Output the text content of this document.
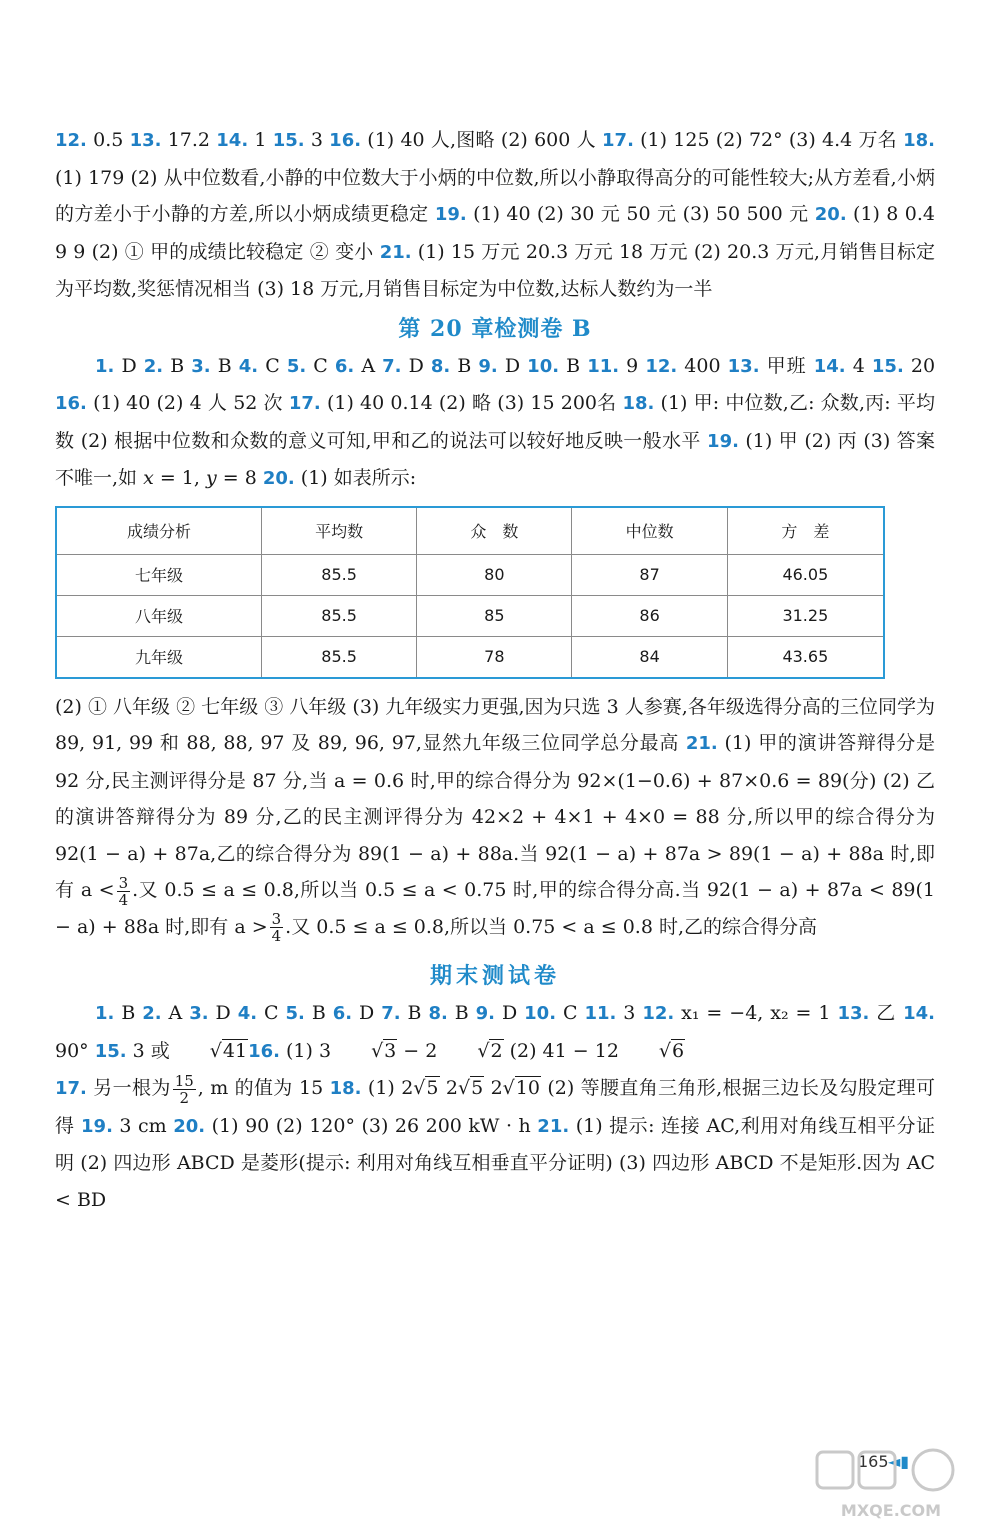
12. 0.5 13. 17.2 14. 1 15. 3 16. (1) 40 人,图略 (2) 600 人 17. (1) 125 (2) 72° (3) 4.4 万名 18. (1) 179 (2) 从中位数看,小静的中位数大于小炳的中位数,所以小静取得高分的可能性较大;从方差看,小炳的方差小于小静的方差,所以小炳成绩更稳定 19. (1) 40 (2) 30 元 50 元 (3) 50 500 元 20. (1) 8 0.4 9 9 (2) ① 甲的成绩比较稳定 ② 变小 21. (1) 15 万元 20.3 万元 18 万元 (2) 20.3 万元,月销售目标定为平均数,奖惩情况相当 (3) 18 万元,月销售目标定为中位数,达标人数约为一半

第 20 章检测卷 B

1. D 2. B 3. B 4. C 5. C 6. A 7. D 8. B 9. D 10. B 11. 9 12. 400 13. 甲班 14. 4 15. 20 16. (1) 40 (2) 4 人 52 次 17. (1) 40 0.14 (2) 略 (3) 15 200名 18. (1) 甲: 中位数,乙: 众数,丙: 平均数 (2) 根据中位数和众数的意义可知,甲和乙的说法可以较好地反映一般水平 19. (1) 甲 (2) 丙 (3) 答案不唯一,如 x = 1, y = 8 20. (1) 如表所示:

成绩分析	平均数	众　数	中位数	方　差
七年级	85.5	80	87	46.05
八年级	85.5	85	86	31.25
九年级	85.5	78	84	43.65

(2) ① 八年级 ② 七年级 ③ 八年级 (3) 九年级实力更强,因为只选 3 人参赛,各年级选得分高的三位同学为 89, 91, 99 和 88, 88, 97 及 89, 96, 97,显然九年级三位同学总分最高 21. (1) 甲的演讲答辩得分是 92 分,民主测评得分是 87 分,当 a = 0.6 时,甲的综合得分为 92×(1−0.6) + 87×0.6 = 89(分) (2) 乙的演讲答辩得分为 89 分,乙的民主测评得分为 42×2 + 4×1 + 4×0 = 88 分,所以甲的综合得分为 92(1 − a) + 87a,乙的综合得分为 89(1 − a) + 88a.当 92(1 − a) + 87a > 89(1 − a) + 88a 时,即有 $a < \frac{3}{4}$ .又 0.5 ≤ a ≤ 0.8,所以当 0.5 ≤ a < 0.75 时,甲的综合得分高.当 92(1 − a) + 87a < 89(1 − a) + 88a 时,即有 $a > \frac{3}{4}$ .又 0.5 ≤ a ≤ 0.8,所以当 0.75 < a ≤ 0.8 时,乙的综合得分高

期末测试卷

1. B 2. A 3. D 4. C 5. B 6. D 7. B 8. B 9. D 10. C 11. 3 12. x₁ = −4, x₂ = 1 13. 乙 14. 90° 15. 3 或 √4116. (1) 3 √3 − 2 √2 (2) 41 − 12 √6

17. 另一根为 $\frac{15}{2}$ , m 的值为 15 18. (1) 2√5 2√5 2√10 (2) 等腰直角三角形,根据三边长及勾股定理可得 19. 3 cm 20. (1) 90 (2) 120° (3) 26 200 kW · h 21. (1) 提示: 连接 AC,利用对角线互相平分证明 (2) 四边形 ABCD 是菱形(提示: 利用对角线互相垂直平分证明) (3) 四边形 ABCD 不是矩形.因为 AC < BD

165 ◄▮
MXQE.COM
